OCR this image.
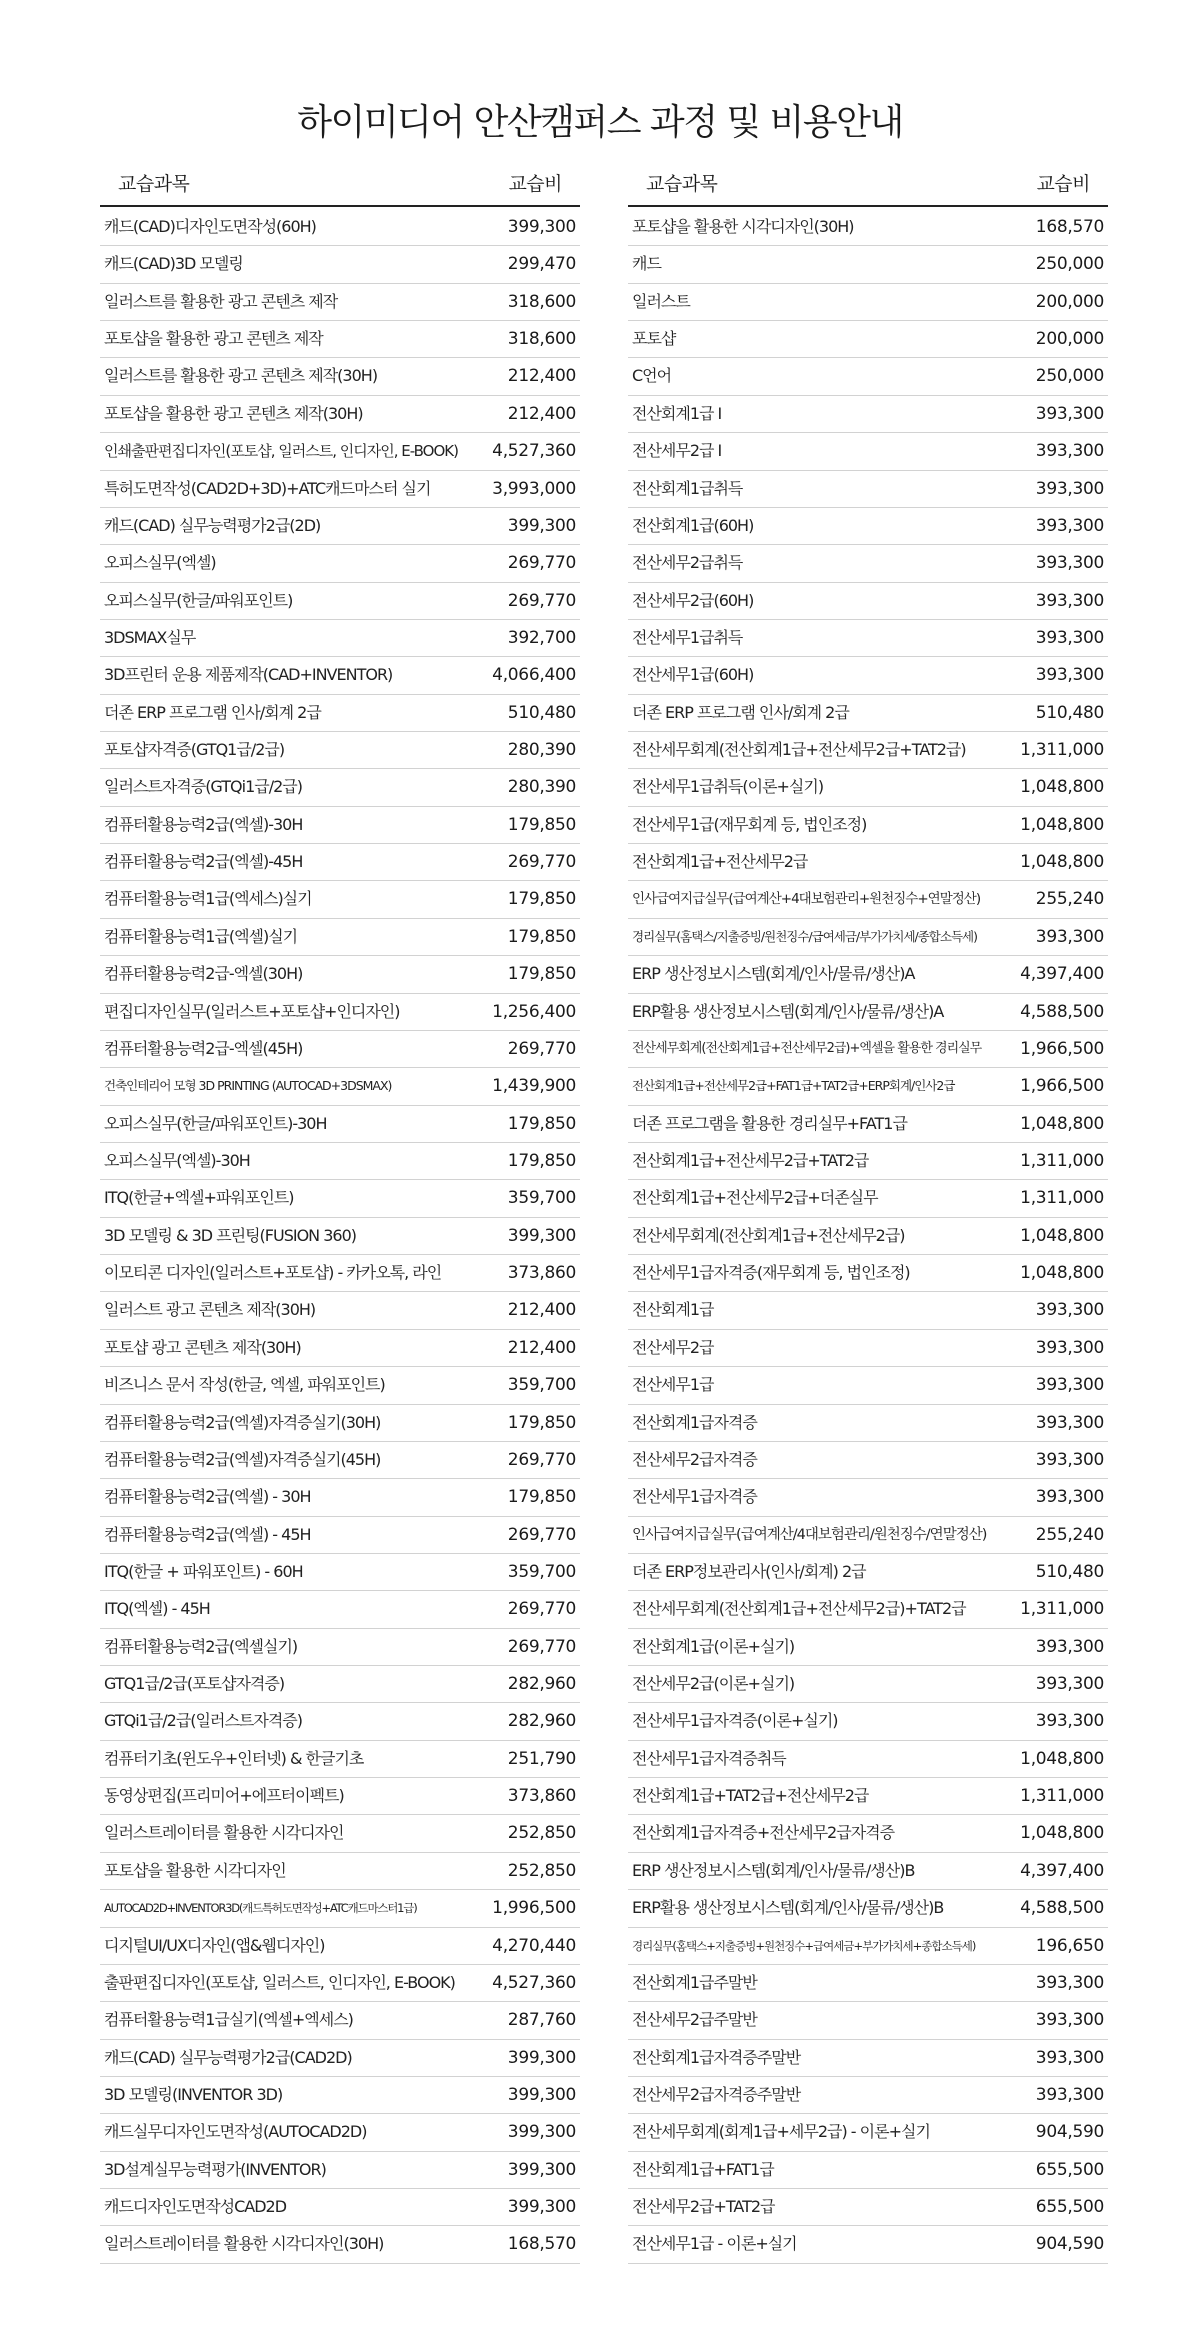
하이미디어 안산캠퍼스 과정 및 비용안내
교습과목	교습비
캐드(CAD)디자인도면작성(60H)	399,300
캐드(CAD)3D 모델링	299,470
일러스트를 활용한 광고 콘텐츠 제작	318,600
포토샵을 활용한 광고 콘텐츠 제작	318,600
일러스트를 활용한 광고 콘텐츠 제작(30H)	212,400
포토샵을 활용한 광고 콘텐츠 제작(30H)	212,400
인쇄출판편집디자인(포토샵, 일러스트, 인디자인, E-BOOK) 4,527,360
특허도면작성(CAD2D+3D)+ATC캐드마스터 실기	3,993,000
캐드(CAD) 실무능력평가2급(2D)	399,300
오피스실무(엑셀)	269,770
오피스실무(한글/파워포인트)	269,770
3DSMAX실무	392,700
3D프린터 운용 제품제작(CAD+INVENTOR)	4,066,400
더존 ERP 프로그램 인사/회계 2급	510,480
포토샵자격증(GTQ1급/2급)	280,390
일러스트자격증(GTQi1급/2급)	280,390
컴퓨터활용능력2급(엑셀)-30H	179,850
컴퓨터활용능력2급(엑셀)-45H	269,770
컴퓨터활용능력1급(엑세스)실기	179,850
컴퓨터활용능력1급(엑셀)실기	179,850
컴퓨터활용능력2급-엑셀(30H)	179,850
편집디자인실무(일러스트+포토샵+인디자인)	1,256,400
컴퓨터활용능력2급-엑셀(45H)	269,770
건축인테리어 모형 3D PRINTING (AUTOCAD+3DSMAX)	1,439,900
오피스실무(한글/파워포인트)-30H	179,850
오피스실무(엑셀)-30H	179,850
ITQ(한글+엑셀+파워포인트)	359,700
3D 모델링 & 3D 프린팅(FUSION 360)	399,300
이모티콘 디자인(일러스트+포토샵) - 카카오톡, 라인	373,860
일러스트 광고 콘텐츠 제작(30H)	212,400
포토샵 광고 콘텐츠 제작(30H)	212,400
비즈니스 문서 작성(한글, 엑셀, 파워포인트)	359,700
컴퓨터활용능력2급(엑셀)자격증실기(30H)	179,850
컴퓨터활용능력2급(엑셀)자격증실기(45H)	269,770
컴퓨터활용능력2급(엑셀) - 30H	179,850
컴퓨터활용능력2급(엑셀) - 45H	269,770
ITQ(한글 + 파워포인트) - 60H	359,700
ITQ(엑셀) - 45H	269,770
컴퓨터활용능력2급(엑셀실기)	269,770
GTQ1급/2급(포토샵자격증)	282,960
GTQi1급/2급(일러스트자격증)	282,960
컴퓨터기초(윈도우+인터넷) & 한글기초	251,790
동영상편집(프리미어+에프터이펙트)	373,860
일러스트레이터를 활용한 시각디자인	252,850
포토샵을 활용한 시각디자인	252,850
AUTOCAD2D+INVENTOR3D(캐드특허도면작성+ATC캐드마스터1급)	1,996,500
디지털UI/UX디자인(앱&웹디자인)	4,270,440
출판편집디자인(포토샵, 일러스트, 인디자인, E-BOOK) 4,527,360
컴퓨터활용능력1급실기(엑셀+엑세스)	287,760
캐드(CAD) 실무능력평가2급(CAD2D)	399,300
3D 모델링(INVENTOR 3D)	399,300
캐드실무디자인도면작성(AUTOCAD2D)	399,300
3D설계실무능력평가(INVENTOR)	399,300
캐드디자인도면작성CAD2D	399,300
일러스트레이터를 활용한 시각디자인(30H)	168,570
교습과목	교습비
포토샵을 활용한 시각디자인(30H)	168,570
캐드	250,000
일러스트	200,000
포토샵	200,000
C언어	250,000
전산회계1급 I	393,300
전산세무2급 I	393,300
전산회계1급취득	393,300
전산회계1급(60H)	393,300
전산세무2급취득	393,300
전산세무2급(60H)	393,300
전산세무1급취득	393,300
전산세무1급(60H)	393,300
더존 ERP 프로그램 인사/회계 2급	510,480
전산세무회계(전산회계1급+전산세무2급+TAT2급)	1,311,000
전산세무1급취득(이론+실기)	1,048,800
전산세무1급(재무회계 등, 법인조정)	1,048,800
전산회계1급+전산세무2급	1,048,800
인사급여지급실무(급여계산+4대보험관리+원천징수+연말정산)	255,240
경리실무(홈택스/지출증빙/원천징수/급여세금/부가가치세/종합소득세)	393,300
ERP 생산정보시스템(회계/인사/물류/생산)A	4,397,400
ERP활용 생산정보시스템(회계/인사/물류/생산)A	4,588,500
전산세무회계(전산회계1급+전산세무2급)+엑셀을 활용한 경리실무	1,966,500
전산회계1급+전산세무2급+FAT1급+TAT2급+ERP회계/인사2급	1,966,500
더존 프로그램을 활용한 경리실무+FAT1급	1,048,800
전산회계1급+전산세무2급+TAT2급	1,311,000
전산회계1급+전산세무2급+더존실무	1,311,000
전산세무회계(전산회계1급+전산세무2급)	1,048,800
전산세무1급자격증(재무회계 등, 법인조정)	1,048,800
전산회계1급	393,300
전산세무2급	393,300
전산세무1급	393,300
전산회계1급자격증	393,300
전산세무2급자격증	393,300
전산세무1급자격증	393,300
인사급여지급실무(급여계산/4대보험관리/원천징수/연말정산)	255,240
더존 ERP정보관리사(인사/회계) 2급	510,480
전산세무회계(전산회계1급+전산세무2급)+TAT2급	1,311,000
전산회계1급(이론+실기)	393,300
전산세무2급(이론+실기)	393,300
전산세무1급자격증(이론+실기)	393,300
전산세무1급자격증취득	1,048,800
전산회계1급+TAT2급+전산세무2급	1,311,000
전산회계1급자격증+전산세무2급자격증	1,048,800
ERP 생산정보시스템(회계/인사/물류/생산)B	4,397,400
ERP활용 생산정보시스템(회계/인사/물류/생산)B	4,588,500
경리실무(홈택스+지출증빙+원천징수+급여세금+부가가치세+종합소득세)	196,650
전산회계1급주말반	393,300
전산세무2급주말반	393,300
전산회계1급자격증주말반	393,300
전산세무2급자격증주말반	393,300
전산세무회계(회계1급+세무2급) - 이론+실기	904,590
전산회계1급+FAT1급	655,500
전산세무2급+TAT2급	655,500
전산세무1급 - 이론+실기	904,590
